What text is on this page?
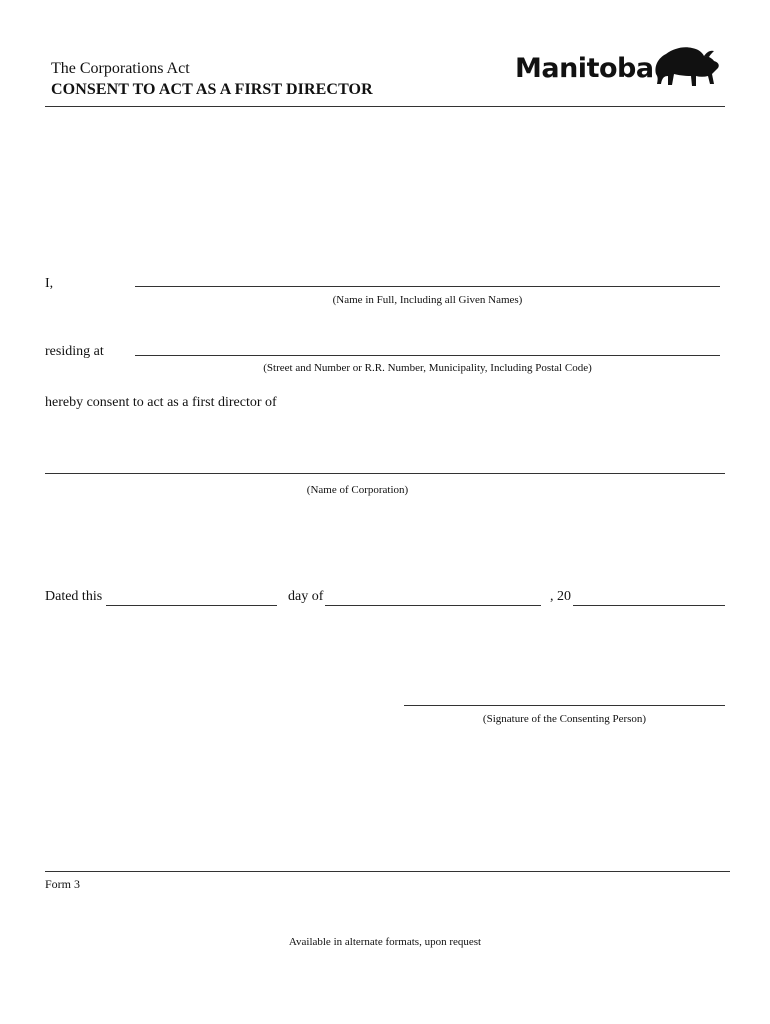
The Corporations Act
CONSENT TO ACT AS A FIRST DIRECTOR
Manitoba
I,
(Name in Full, Including all Given Names)
residing at
(Street and Number or R.R. Number, Municipality, Including Postal Code)
hereby consent to act as a first director of
(Name of Corporation)
Dated this	day of	, 20
(Signature of the Consenting Person)
Form 3
Available in alternate formats, upon request
